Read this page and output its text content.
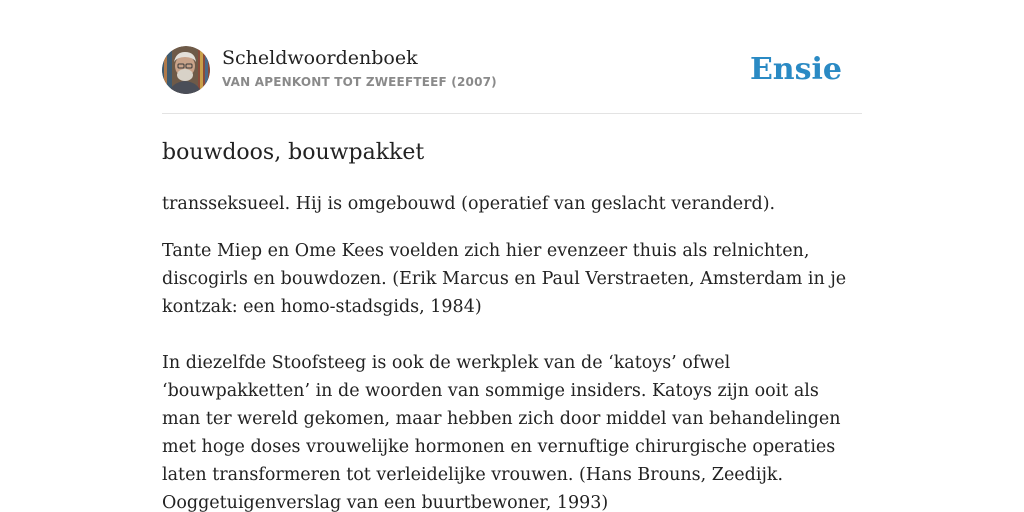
Scheldwoordenboek
VAN APENKONT TOT ZWEEFTEEF (2007)	Ensie
bouwdoos, bouwpakket

transseksueel. Hij is omgebouwd (operatief van geslacht veranderd).

Tante Miep en Ome Kees voelden zich hier evenzeer thuis als relnichten, discogirls en bouwdozen. (Erik Marcus en Paul Verstraeten, Amsterdam in je kontzak: een homo-stadsgids, 1984)

In diezelfde Stoofsteeg is ook de werkplek van de ‘katoys’ ofwel ‘bouwpakketten’ in de woorden van sommige insiders. Katoys zijn ooit als man ter wereld gekomen, maar hebben zich door middel van behandelingen met hoge doses vrouwelijke hormonen en vernuftige chirurgische operaties laten transformeren tot verleidelijke vrouwen. (Hans Brouns, Zeedijk. Ooggetuigenverslag van een buurtbewoner, 1993)
